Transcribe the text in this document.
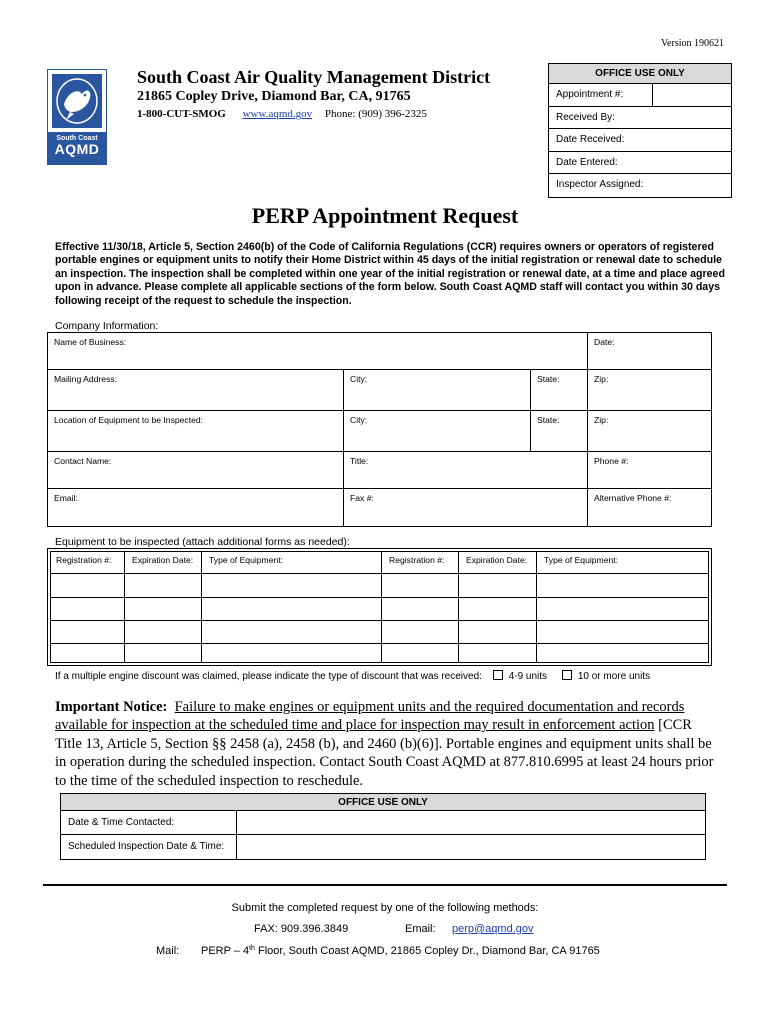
Version 190621
South Coast
AQMD
South Coast Air Quality Management District
21865 Copley Drive, Diamond Bar, CA, 91765
1-800-CUT-SMOG www.aqmd.gov Phone: (909) 396-2325
OFFICE USE ONLY
Appointment #:
Received By:
Date Received:
Date Entered:
Inspector Assigned:
PERP Appointment Request
Effective 11/30/18, Article 5, Section 2460(b) of the Code of California Regulations (CCR) requires owners or operators of registered portable engines or equipment units to notify their Home District within 45 days of the initial registration or renewal date to schedule an inspection. The inspection shall be completed within one year of the initial registration or renewal date, at a time and place agreed upon in advance. Please complete all applicable sections of the form below. South Coast AQMD staff will contact you within 30 days following receipt of the request to schedule the inspection.
Company Information:
Name of Business:	Date:
Mailing Address:	City:	State:	Zip:
Location of Equipment to be Inspected:	City:	State:	Zip:
Contact Name:	Title:	Phone #:
Email:	Fax #:	Alternative Phone #:
Equipment to be inspected (attach additional forms as needed):
Registration #:	Expiration Date:	Type of Equipment:	Registration #:	Expiration Date:	Type of Equipment:
If a multiple engine discount was claimed, please indicate the type of discount that was received:	4-9 units	10 or more units
Important Notice: Failure to make engines or equipment units and the required documentation and records available for inspection at the scheduled time and place for inspection may result in enforcement action [CCR Title 13, Article 5, Section §§ 2458 (a), 2458 (b), and 2460 (b)(6)]. Portable engines and equipment units shall be in operation during the scheduled inspection. Contact South Coast AQMD at 877.810.6995 at least 24 hours prior to the time of the scheduled inspection to reschedule.
OFFICE USE ONLY
Date & Time Contacted:
Scheduled Inspection Date & Time:
Submit the completed request by one of the following methods:
FAX: 909.396.3849	Email: perp@aqmd.gov
Mail: PERP – 4th Floor, South Coast AQMD, 21865 Copley Dr., Diamond Bar, CA 91765
